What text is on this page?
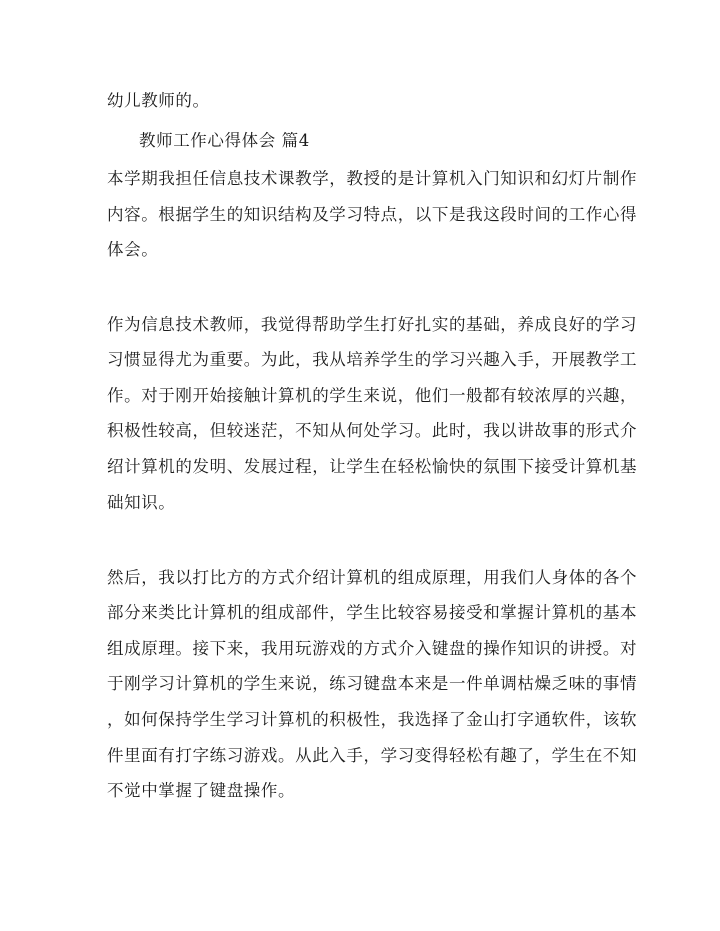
幼儿教师的。
教师工作心得体会 篇4
本学期我担任信息技术课教学，教授的是计算机入门知识和幻灯片制作
内容。根据学生的知识结构及学习特点，以下是我这段时间的工作心得
体会。
作为信息技术教师，我觉得帮助学生打好扎实的基础，养成良好的学习
习惯显得尤为重要。为此，我从培养学生的学习兴趣入手，开展教学工
作。对于刚开始接触计算机的学生来说，他们一般都有较浓厚的兴趣，
积极性较高，但较迷茫，不知从何处学习。此时，我以讲故事的形式介
绍计算机的发明、发展过程，让学生在轻松愉快的氛围下接受计算机基
础知识。
然后，我以打比方的方式介绍计算机的组成原理，用我们人身体的各个
部分来类比计算机的组成部件，学生比较容易接受和掌握计算机的基本
组成原理。接下来，我用玩游戏的方式介入键盘的操作知识的讲授。对
于刚学习计算机的学生来说，练习键盘本来是一件单调枯燥乏味的事情
，如何保持学生学习计算机的积极性，我选择了金山打字通软件，该软
件里面有打字练习游戏。从此入手，学习变得轻松有趣了，学生在不知
不觉中掌握了键盘操作。
